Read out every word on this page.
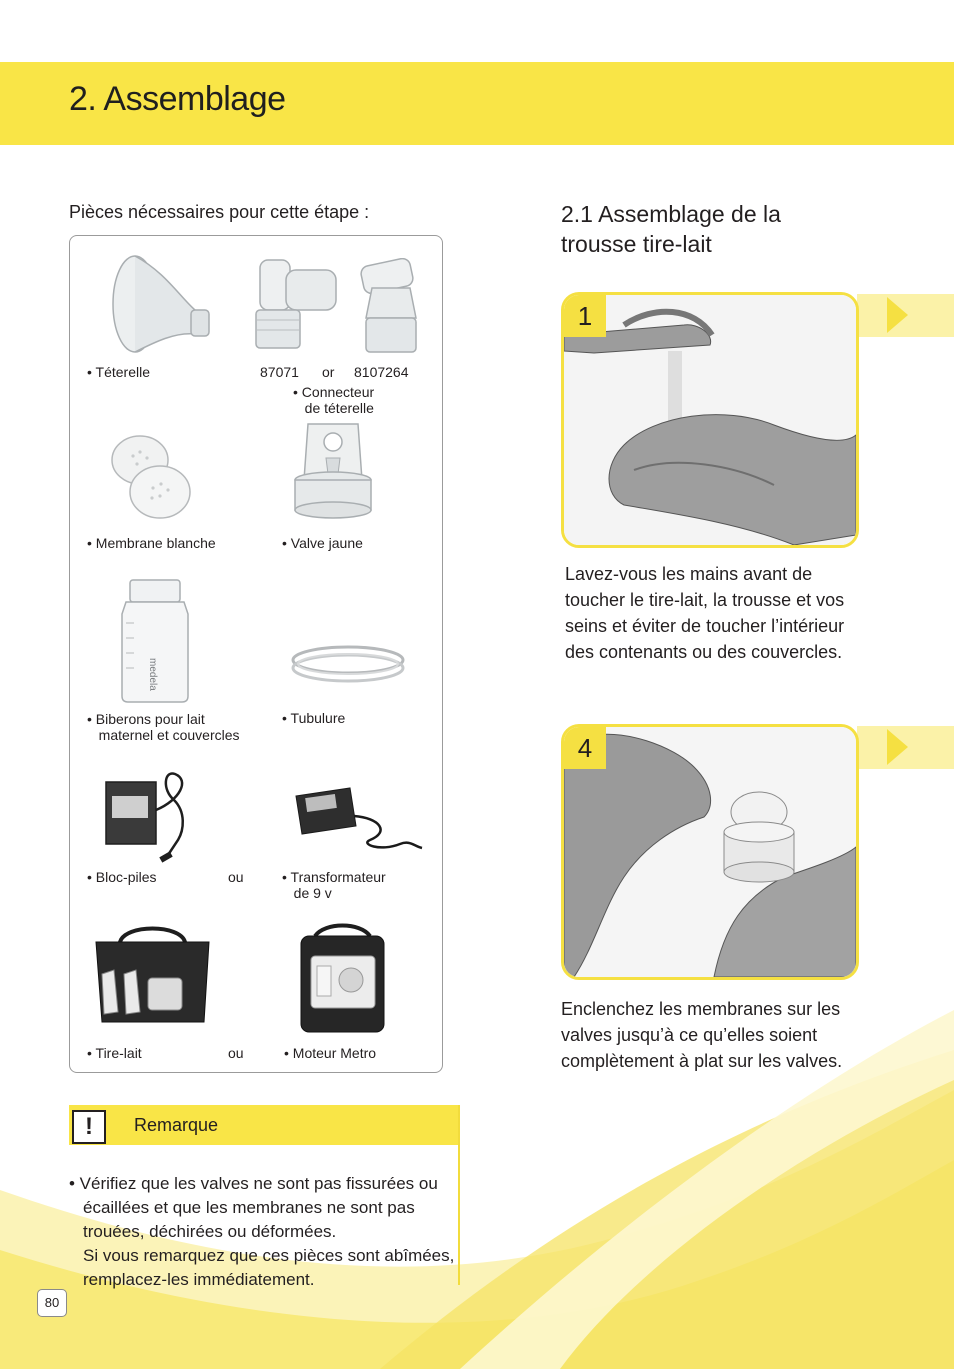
2. Assemblage
Pièces nécessaires pour cette étape :
• Téterelle	87071 or 8107264
• Connecteur
de téterelle
• Membrane blanche	• Valve jaune
medela
• Biberons pour lait
maternel et couvercles
• Tubulure
• Bloc-piles	ou	• Transformateur
de 9 v
• Tire-lait	ou	• Moteur Metro
2.1 Assemblage de la
trousse tire-lait
1
Lavez-vous les mains avant de toucher le tire-lait, la trousse et vos seins et éviter de toucher l’intérieur des contenants ou des couvercles.
4
Enclenchez les membranes sur les valves jusqu’à ce qu’elles soient complètement à plat sur les valves.
!	Remarque
• Vérifiez que les valves ne sont pas fissurées ou écaillées et que les membranes ne sont pas trouées, déchirées ou déformées.
Si vous remarquez que ces pièces sont abîmées, remplacez-les immédiatement.
80
